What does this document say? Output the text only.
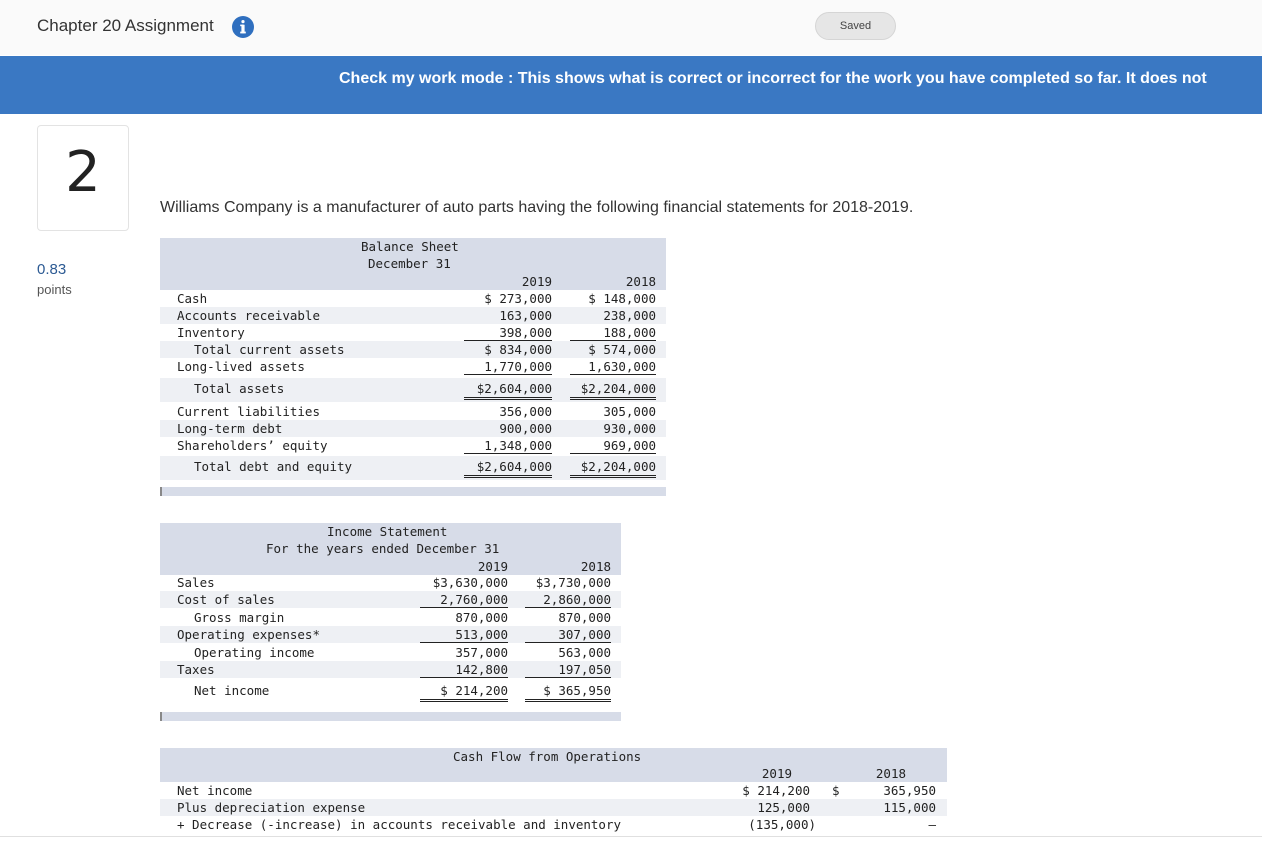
Chapter 20 Assignment	Saved
Check my work mode : This shows what is correct or incorrect for the work you have completed so far. It does not
2
0.83
points
Williams Company is a manufacturer of auto parts having the following financial statements for 2018-2019.
Balance Sheet
December 31
2019	2018
Cash	$ 273,000	$ 148,000
Accounts receivable	163,000	238,000
Inventory	398,000	188,000
Total current assets	$ 834,000	$ 574,000
Long-lived assets	1,770,000	1,630,000
Total assets	$2,604,000	$2,204,000
Current liabilities	356,000	305,000
Long-term debt	900,000	930,000
Shareholders’ equity	1,348,000	969,000
Total debt and equity	$2,604,000	$2,204,000
Income Statement
For the years ended December 31
2019	2018
Sales	$3,630,000	$3,730,000
Cost of sales	2,760,000	2,860,000
Gross margin	870,000	870,000
Operating expenses*	513,000	307,000
Operating income	357,000	563,000
Taxes	142,800	197,050
Net income	$ 214,200	$ 365,950
Cash Flow from Operations
2019	2018
Net income	$ 214,200 $	365,950
Plus depreciation expense	125,000	115,000
+ Decrease (-increase) in accounts receivable and inventory	(135,000)	–
